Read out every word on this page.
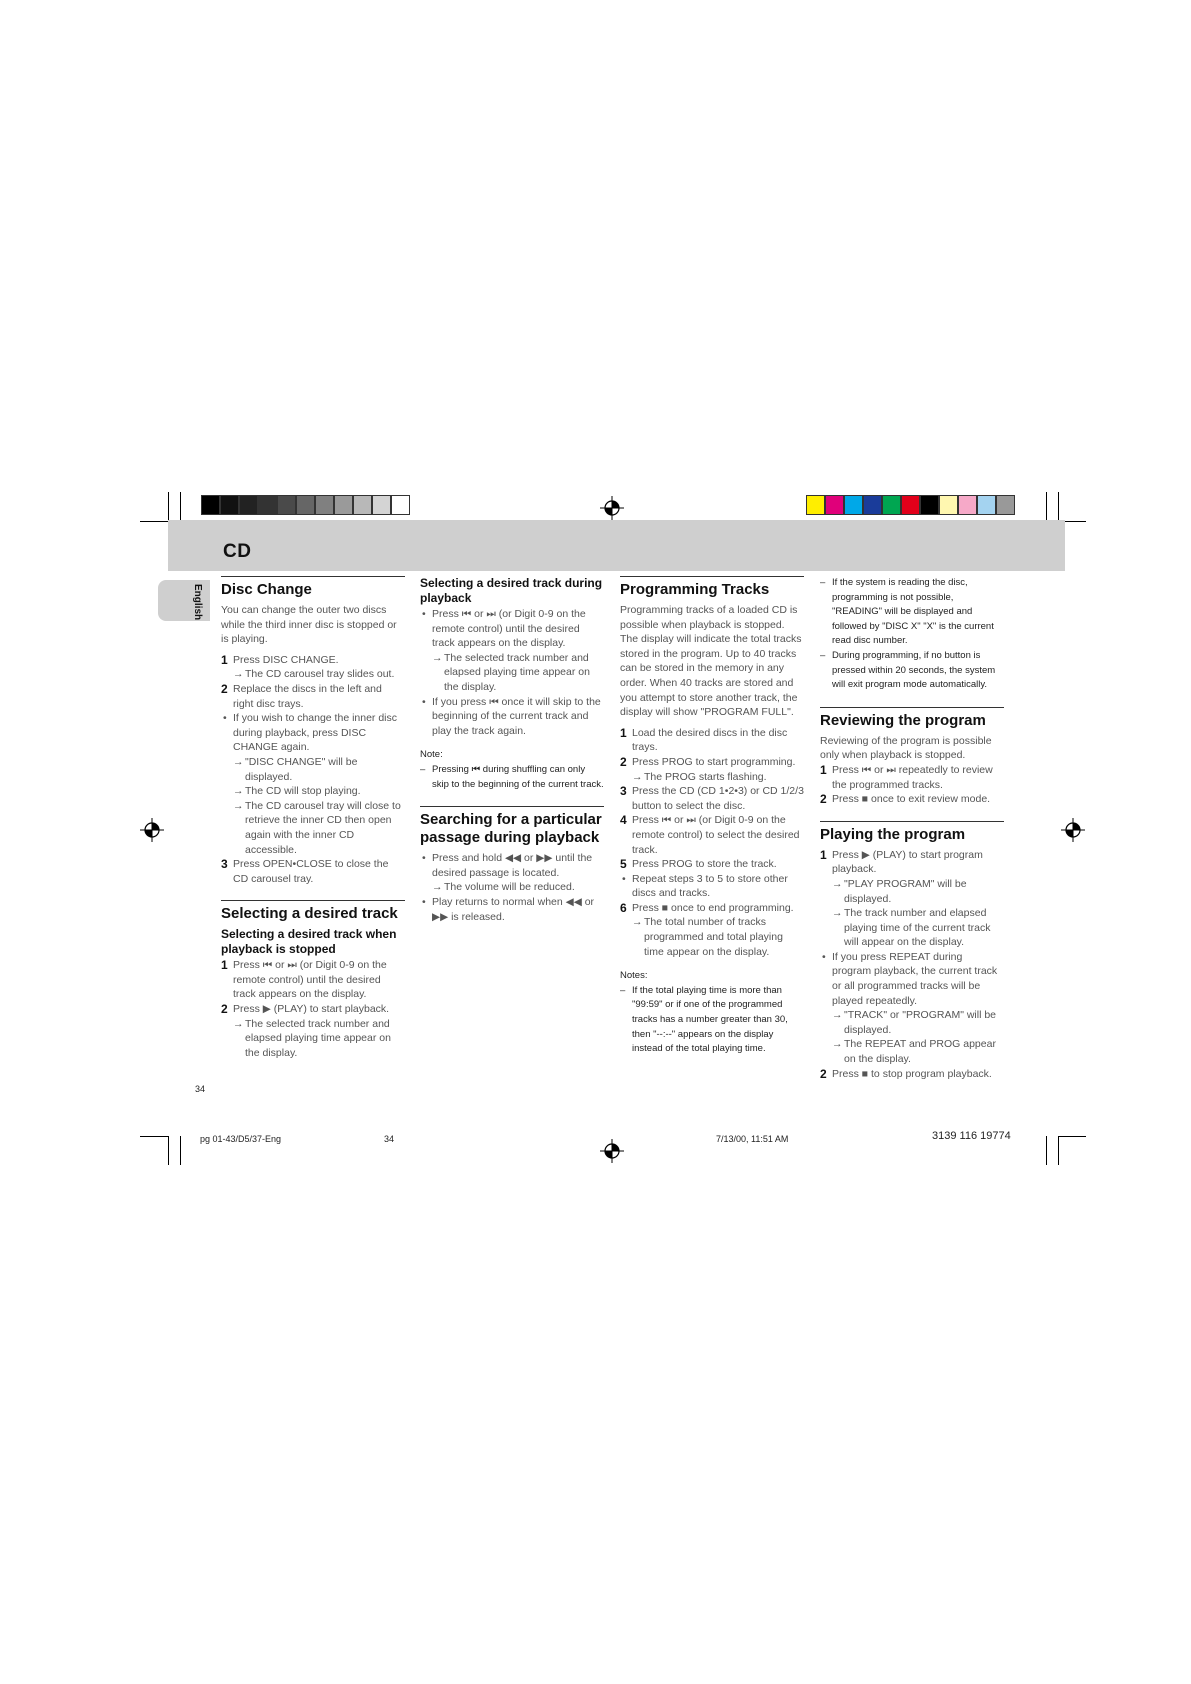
CD
English Disc Change

You can change the outer two discs while the third inner disc is stopped or is playing.

1 Press DISC CHANGE.
→ The CD carousel tray slides out.
2 Replace the discs in the left and right disc trays.
• If you wish to change the inner disc during playback, press DISC CHANGE again.
→ "DISC CHANGE" will be displayed.
→ The CD will stop playing.
→ The CD carousel tray will close to retrieve the inner CD then open again with the inner CD accessible.
3 Press OPEN•CLOSE to close the CD carousel tray.
Selecting a desired track
Selecting a desired track when playback is stopped
1 Press ⏮ or ⏭ (or Digit 0-9 on the remote control) until the desired track appears on the display.
2 Press ▶ (PLAY) to start playback.
→ The selected track number and elapsed playing time appear on the display.
Selecting a desired track during playback
• Press ⏮ or ⏭ (or Digit 0-9 on the remote control) until the desired track appears on the display.
→ The selected track number and elapsed playing time appear on the display.
• If you press ⏮ once it will skip to the beginning of the current track and play the track again.
Note:
– Pressing ⏮ during shuffling can only skip to the beginning of the current track.
Searching for a particular passage during playback
• Press and hold ◀◀ or ▶▶ until the desired passage is located.
→ The volume will be reduced.
• Play returns to normal when ◀◀ or ▶▶ is released.
Programming Tracks

Programming tracks of a loaded CD is possible when playback is stopped. The display will indicate the total tracks stored in the program. Up to 40 tracks can be stored in the memory in any order. When 40 tracks are stored and you attempt to store another track, the display will show "PROGRAM FULL".

1 Load the desired discs in the disc trays.
2 Press PROG to start programming.
→ The PROG starts flashing.
3 Press the CD (CD 1•2•3) or CD 1/2/3 button to select the disc.
4 Press ⏮ or ⏭ (or Digit 0-9 on the remote control) to select the desired track.
5 Press PROG to store the track.
• Repeat steps 3 to 5 to store other discs and tracks.
6 Press ■ once to end programming.
→ The total number of tracks programmed and total playing time appear on the display.
Notes:
– If the total playing time is more than "99:59" or if one of the programmed tracks has a number greater than 30, then "--:--" appears on the display instead of the total playing time.
– If the system is reading the disc, programming is not possible, "READING" will be displayed and followed by "DISC X" "X" is the current read disc number.
– During programming, if no button is pressed within 20 seconds, the system will exit program mode automatically.
Reviewing the program

Reviewing of the program is possible only when playback is stopped.

1 Press ⏮ or ⏭ repeatedly to review the programmed tracks.
2 Press ■ once to exit review mode.
Playing the program
1 Press ▶ (PLAY) to start program playback.
→ "PLAY PROGRAM" will be displayed.
→ The track number and elapsed playing time of the current track will appear on the display.
• If you press REPEAT during program playback, the current track or all programmed tracks will be played repeatedly.
→ "TRACK" or "PROGRAM" will be displayed.
→ The REPEAT and PROG appear on the display.
2 Press ■ to stop program playback.
34
pg 01-43/D5/37-Eng	34	7/13/00, 11:51 AM	3139 116 19774
